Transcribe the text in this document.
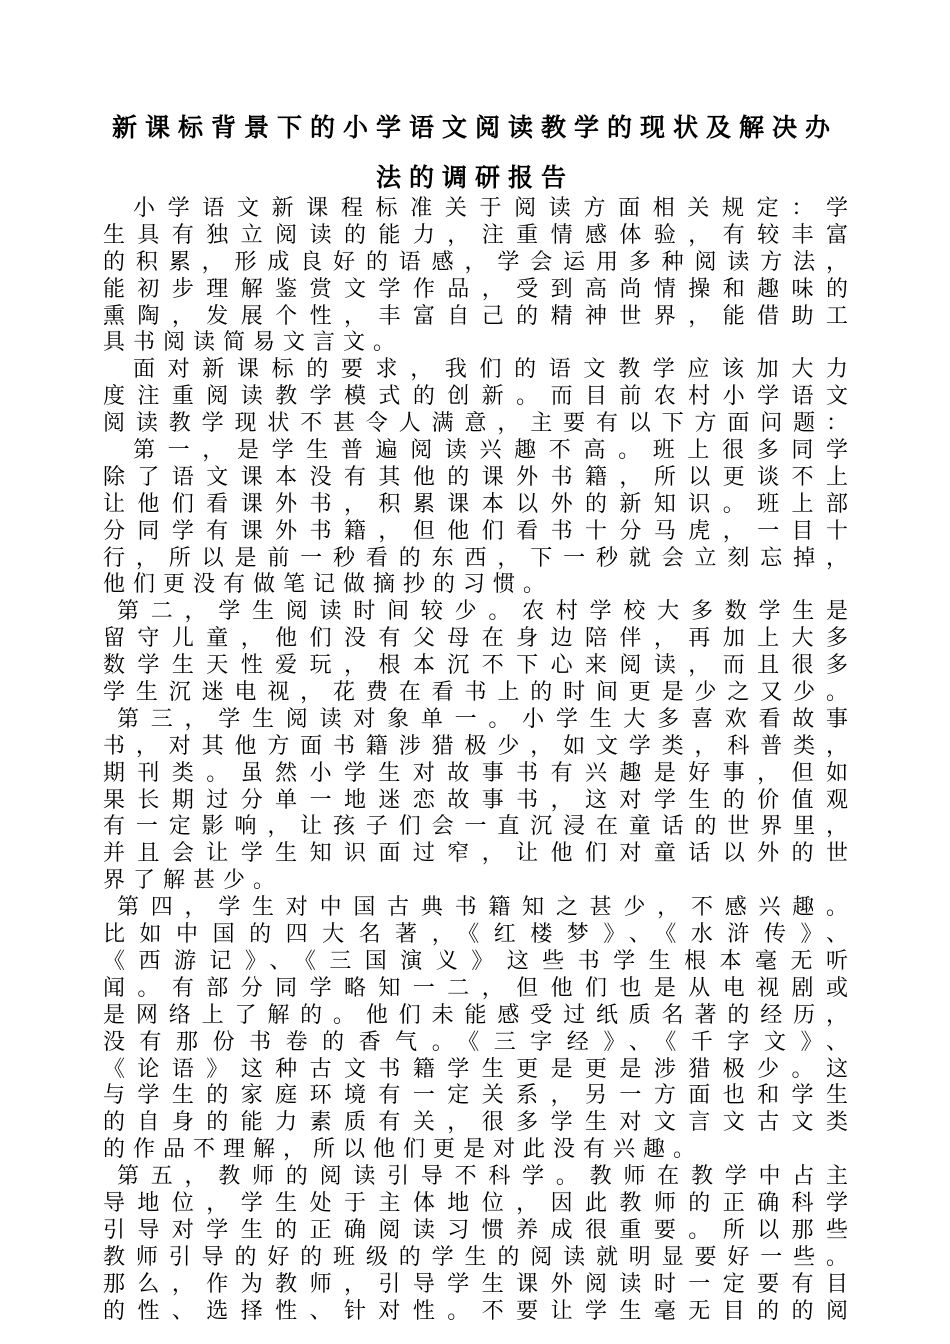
新课标背景下的小学语文阅读教学的现状及解决办
法的调研报告
小学语文新课程标准关于阅读方面相关规定：学
生具有独立阅读的能力，注重情感体验，有较丰富
的积累，形成良好的语感，学会运用多种阅读方法，
能初步理解鉴赏文学作品，受到高尚情操和趣味的
熏陶，发展个性，丰富自己的精神世界，能借助工
具书阅读简易文言文。
面对新课标的要求，我们的语文教学应该加大力
度注重阅读教学模式的创新。而目前农村小学语文
阅读教学现状不甚令人满意，主要有以下方面问题：
第一，是学生普遍阅读兴趣不高。班上很多同学
除了语文课本没有其他的课外书籍，所以更谈不上
让他们看课外书，积累课本以外的新知识。班上部
分同学有课外书籍，但他们看书十分马虎，一目十
行，所以是前一秒看的东西，下一秒就会立刻忘掉，
他们更没有做笔记做摘抄的习惯。
第二，学生阅读时间较少。农村学校大多数学生是
留守儿童，他们没有父母在身边陪伴，再加上大多
数学生天性爱玩，根本沉不下心来阅读，而且很多
学生沉迷电视，花费在看书上的时间更是少之又少。
第三，学生阅读对象单一。小学生大多喜欢看故事
书，对其他方面书籍涉猎极少，如文学类，科普类，
期刊类。虽然小学生对故事书有兴趣是好事，但如
果长期过分单一地迷恋故事书，这对学生的价值观
有一定影响，让孩子们会一直沉浸在童话的世界里，
并且会让学生知识面过窄，让他们对童话以外的世
界了解甚少。
第四，学生对中国古典书籍知之甚少，不感兴趣。
比如中国的四大名著，《红楼梦》、《水浒传》、
《西游记》、《三国演义》这些书学生根本毫无听
闻。有部分同学略知一二，但他们也是从电视剧或
是网络上了解的。他们未能感受过纸质名著的经历，
没有那份书卷的香气。《三字经》、《千字文》、
《论语》这种古文书籍学生更是更是涉猎极少。这
与学生的家庭环境有一定关系，另一方面也和学生
的自身的能力素质有关，很多学生对文言文古文类
的作品不理解，所以他们更是对此没有兴趣。
第五，教师的阅读引导不科学。教师在教学中占主
导地位，学生处于主体地位，因此教师的正确科学
引导对学生的正确阅读习惯养成很重要。所以那些
教师引导的好的班级的学生的阅读就明显要好一些。
那么，作为教师，引导学生课外阅读时一定要有目
的性、选择性、针对性。不要让学生毫无目的的阅
